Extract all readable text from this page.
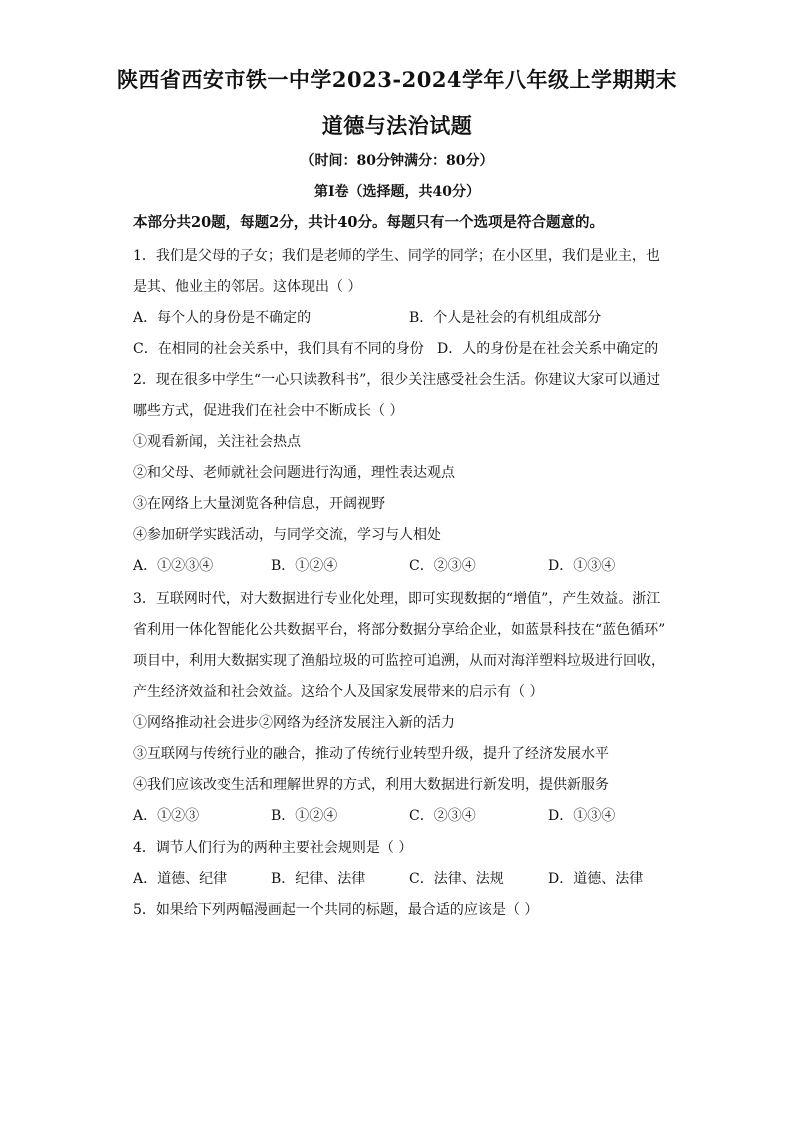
陕西省西安市铁一中学2023-2024学年八年级上学期期末
道德与法治试题
（时间：80分钟满分：80分）
第I卷（选择题，共40分）
本部分共20题，每题2分，共计40分。每题只有一个选项是符合题意的。
1．我们是父母的子女；我们是老师的学生、同学的同学；在小区里，我们是业主，也
是其、他业主的邻居。这体现出（ ）
A．每个人的身份是不确定的	B．个人是社会的有机组成部分
C．在相同的社会关系中，我们具有不同的身份 D．人的身份是在社会关系中确定的
2．现在很多中学生“一心只读教科书”，很少关注感受社会生活。你建议大家可以通过
哪些方式，促进我们在社会中不断成长（ ）
①观看新闻，关注社会热点
②和父母、老师就社会问题进行沟通，理性表达观点
③在网络上大量浏览各种信息，开阔视野
④参加研学实践活动，与同学交流，学习与人相处
A．①②③④	B．①②④	C．②③④	D．①③④
3．互联网时代，对大数据进行专业化处理，即可实现数据的“增值”，产生效益。浙江
省利用一体化智能化公共数据平台，将部分数据分享给企业，如蓝景科技在“蓝色循环”
项目中，利用大数据实现了渔船垃圾的可监控可追溯，从而对海洋塑料垃圾进行回收，
产生经济效益和社会效益。这给个人及国家发展带来的启示有（ ）
①网络推动社会进步②网络为经济发展注入新的活力
③互联网与传统行业的融合，推动了传统行业转型升级，提升了经济发展水平
④我们应该改变生活和理解世界的方式，利用大数据进行新发明，提供新服务
A．①②③	B．①②④	C．②③④	D．①③④
4．调节人们行为的两种主要社会规则是（ ）
A．道德、纪律	B．纪律、法律	C．法律、法规	D．道德、法律
5．如果给下列两幅漫画起一个共同的标题，最合适的应该是（ ）
